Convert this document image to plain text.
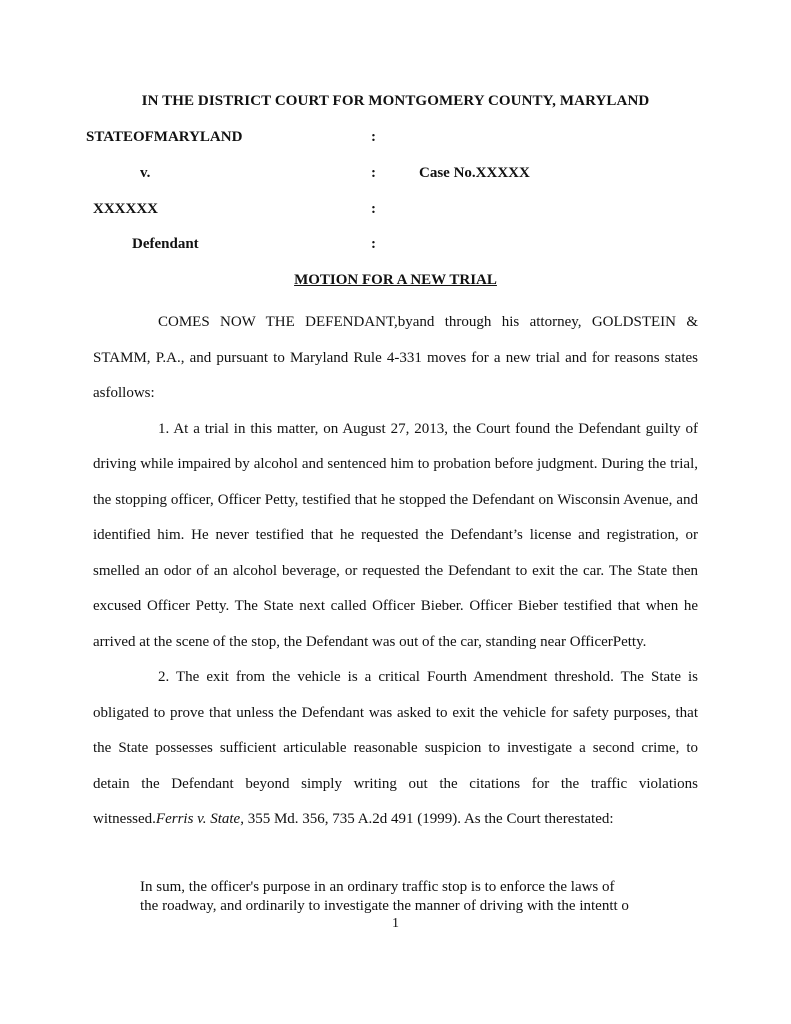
IN THE DISTRICT COURT FOR MONTGOMERY COUNTY, MARYLAND
STATEOFMARYLAND	:
v.	:	Case No.XXXXX
XXXXXX	:
Defendant	:
MOTION FOR A NEW TRIAL

COMES NOW THE DEFENDANT,byand through his attorney, GOLDSTEIN & STAMM, P.A., and pursuant to Maryland Rule 4-331 moves for a new trial and for reasons states asfollows:

1. At a trial in this matter, on August 27, 2013, the Court found the Defendant guilty of driving while impaired by alcohol and sentenced him to probation before judgment. During the trial, the stopping officer, Officer Petty, testified that he stopped the Defendant on Wisconsin Avenue, and identified him. He never testified that he requested the Defendant’s license and registration, or smelled an odor of an alcohol beverage, or requested the Defendant to exit the car. The State then excused Officer Petty. The State next called Officer Bieber. Officer Bieber testified that when he arrived at the scene of the stop, the Defendant was out of the car, standing near OfficerPetty.

2. The exit from the vehicle is a critical Fourth Amendment threshold. The State is obligated to prove that unless the Defendant was asked to exit the vehicle for safety purposes, that the State possesses sufficient articulable reasonable suspicion to investigate a second crime, to detain the Defendant beyond simply writing out the citations for the traffic violations witnessed.Ferris v. State, 355 Md. 356, 735 A.2d 491 (1999). As the Court therestated:

In sum, the officer's purpose in an ordinary traffic stop is to enforce the laws of
the roadway, and ordinarily to investigate the manner of driving with the intentt o
1
